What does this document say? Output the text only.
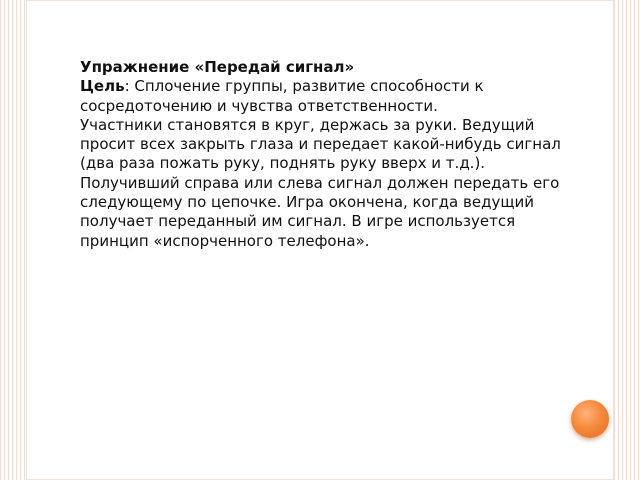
Упражнение «Передай сигнал»

Цель: Сплочение группы, развитие способности к сосредоточению и чувства ответственности.

Участники становятся в круг, держась за руки. Ведущий просит всех закрыть глаза и передает какой-нибудь сигнал (два раза пожать руку, поднять руку вверх и т.д.). Получивший справа или слева сигнал должен передать его следующему по цепочке. Игра окончена, когда ведущий получает переданный им сигнал. В игре используется принцип «испорченного телефона».
